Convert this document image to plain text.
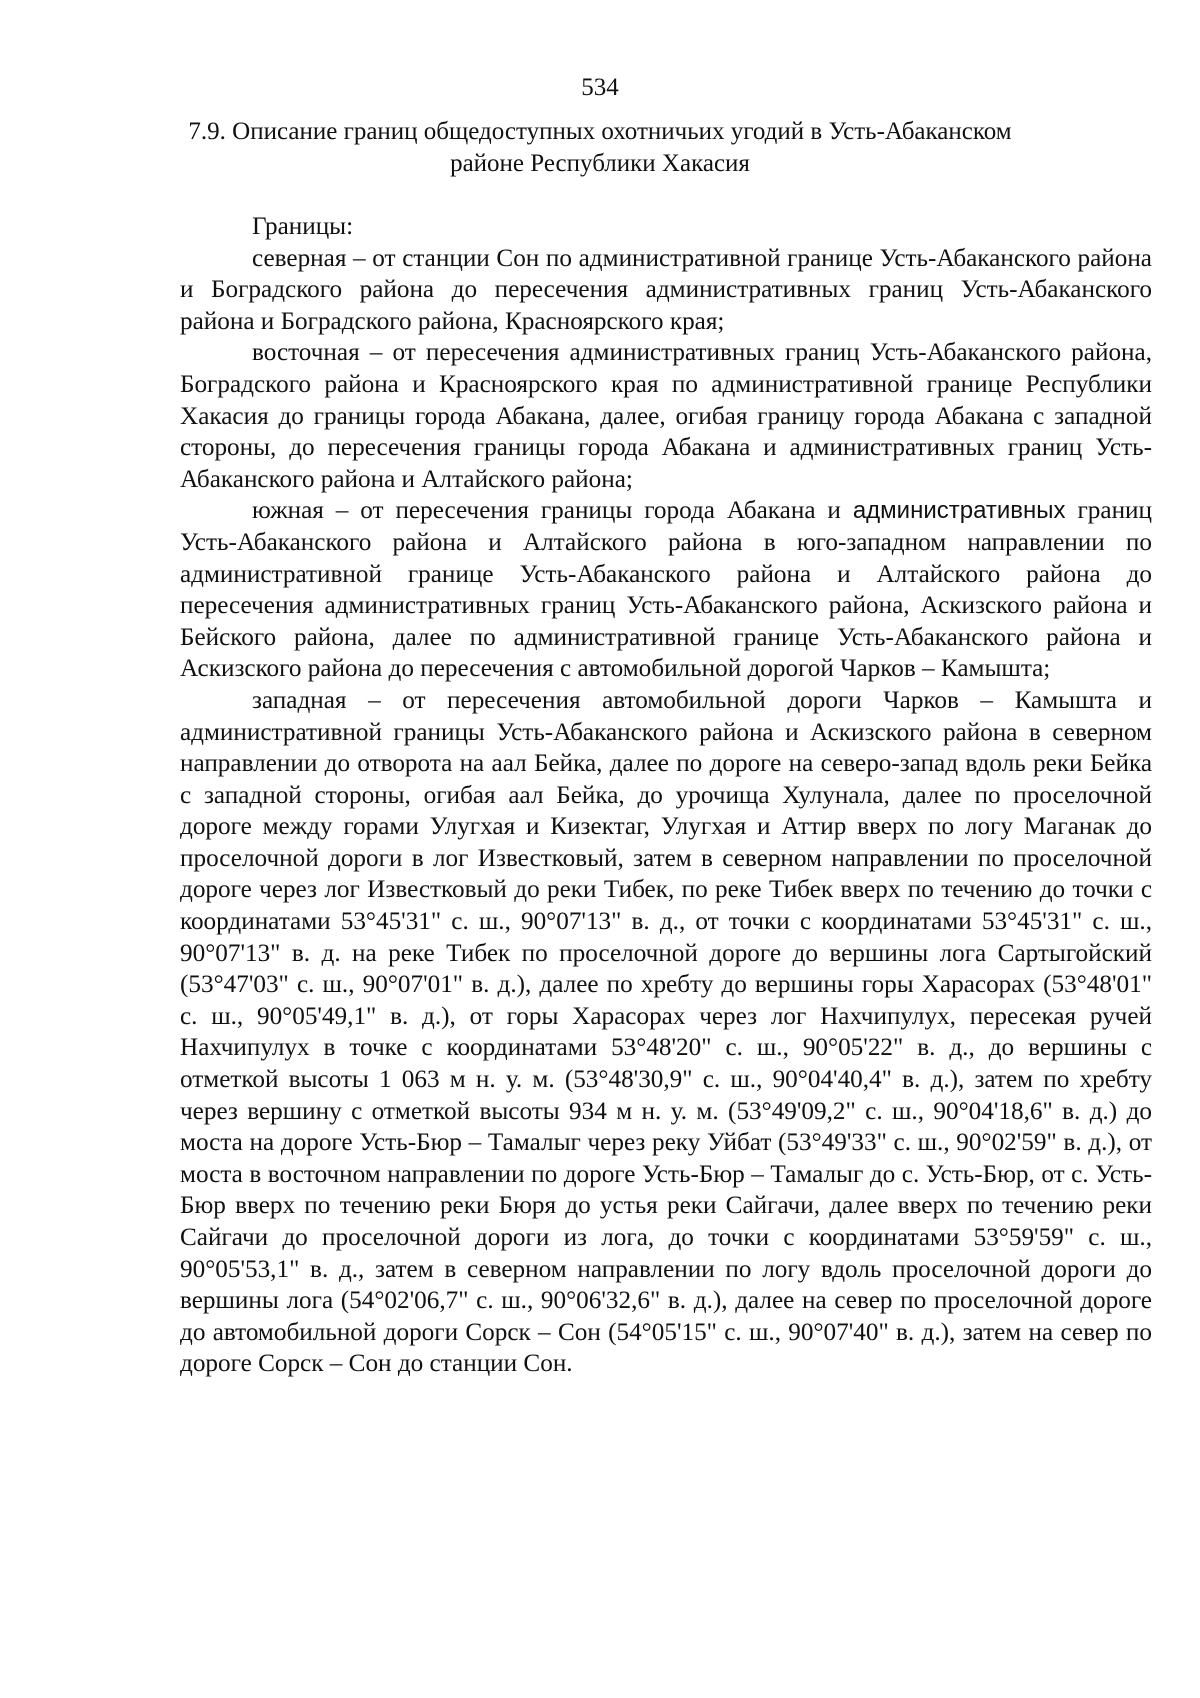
534
7.9. Описание границ общедоступных охотничьих угодий в Усть-Абаканском
районе Республики Хакасия

Границы:

северная – от станции Сон по административной границе Усть-Абаканского района и Боградского района до пересечения административных границ Усть-Абаканского района и Боградского района, Красноярского края;

восточная – от пересечения административных границ Усть-Абаканского района, Боградского района и Красноярского края по административной границе Республики Хакасия до границы города Абакана, далее, огибая границу города Абакана с западной стороны, до пересечения границы города Абакана и административных границ Усть-Абаканского района и Алтайского района;

южная – от пересечения границы города Абакана и административных границ Усть-Абаканского района и Алтайского района в юго-западном направлении по административной границе Усть-Абаканского района и Алтайского района до пересечения административных границ Усть-Абаканского района, Аскизского района и Бейского района, далее по административной границе Усть-Абаканского района и Аскизского района до пересечения с автомобильной дорогой Чарков – Камышта;

западная – от пересечения автомобильной дороги Чарков – Камышта и административной границы Усть-Абаканского района и Аскизского района в северном направлении до отворота на аал Бейка, далее по дороге на северо-запад вдоль реки Бейка с западной стороны, огибая аал Бейка, до урочища Хулунала, далее по проселочной дороге между горами Улугхая и Кизектаг, Улугхая и Аттир вверх по логу Маганак до проселочной дороги в лог Известковый, затем в северном направлении по проселочной дороге через лог Известковый до реки Тибек, по реке Тибек вверх по течению до точки с координатами 53°45'31" с. ш., 90°07'13" в. д., от точки с координатами 53°45'31" с. ш., 90°07'13" в. д. на реке Тибек по проселочной дороге до вершины лога Сартыгойский (53°47'03" с. ш., 90°07'01" в. д.), далее по хребту до вершины горы Харасорах (53°48'01" с. ш., 90°05'49,1" в. д.), от горы Харасорах через лог Нахчипулух, пересекая ручей Нахчипулух в точке с координатами 53°48'20" с. ш., 90°05'22" в. д., до вершины с отметкой высоты 1 063 м н. у. м. (53°48'30,9" с. ш., 90°04'40,4" в. д.), затем по хребту через вершину с отметкой высоты 934 м н. у. м. (53°49'09,2" с. ш., 90°04'18,6" в. д.) до моста на дороге Усть-Бюр – Тамалыг через реку Уйбат (53°49'33" с. ш., 90°02'59" в. д.), от моста в восточном направлении по дороге Усть-Бюр – Тамалыг до с. Усть-Бюр, от с. Усть-Бюр вверх по течению реки Бюря до устья реки Сайгачи, далее вверх по течению реки Сайгачи до проселочной дороги из лога, до точки с координатами 53°59'59" с. ш., 90°05'53,1" в. д., затем в северном направлении по логу вдоль проселочной дороги до вершины лога (54°02'06,7" с. ш., 90°06'32,6" в. д.), далее на север по проселочной дороге до автомобильной дороги Сорск – Сон (54°05'15" с. ш., 90°07'40" в. д.), затем на север по дороге Сорск – Сон до станции Сон.
